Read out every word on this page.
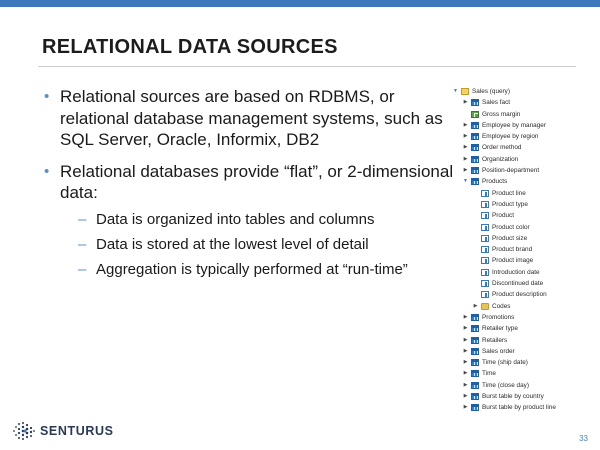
RELATIONAL DATA SOURCES
• Relational sources are based on RDBMS, or relational database management systems, such as SQL Server, Oracle, Informix, DB2
• Relational databases provide “flat”, or 2-dimensional data:
– Data is organized into tables and columns
– Data is stored at the lowest level of detail
– Aggregation is typically performed at “run-time”
▼ Sales (query)
▶ Sales fact
Gross margin
▶ Employee by manager
▶ Employee by region
▶ Order method
▶ Organization
▶ Position-department
▼ Products
Product line
Product type
Product
Product color
Product size
Product brand
Product image
Introduction date
Discontinued date
Product description
▶ Codes
▶ Promotions
▶ Retailer type
▶ Retailers
▶ Sales order
▶ Time (ship date)
▶ Time
▶ Time (close day)
▶ Burst table by country
▶ Burst table by product line
SENTURUS
33
